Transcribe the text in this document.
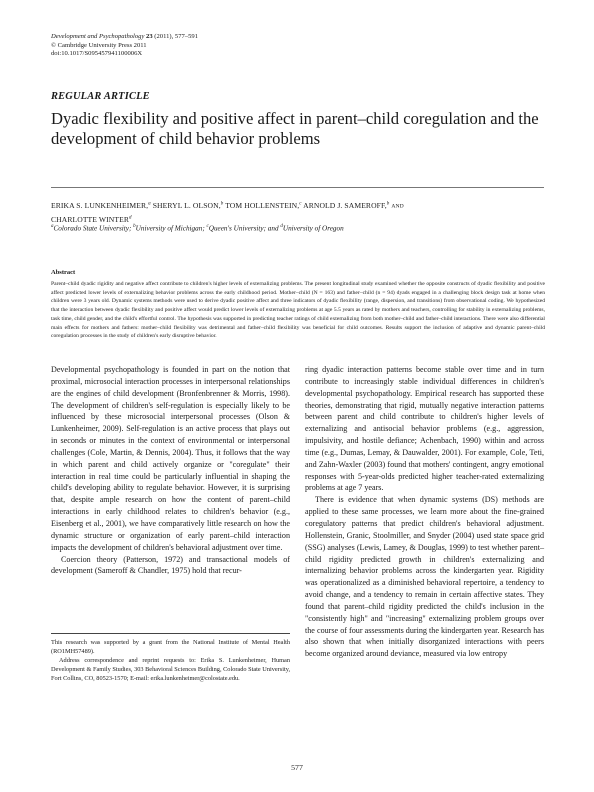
Development and Psychopathology 23 (2011), 577–591
© Cambridge University Press 2011
doi:10.1017/S095457941100006X
REGULAR ARTICLE
Dyadic flexibility and positive affect in parent–child coregulation and the development of child behavior problems
ERIKA S. LUNKENHEIMER,$^a$ SHERYL L. OLSON,$^b$ TOM HOLLENSTEIN,$^c$ ARNOLD J. SAMEROFF,$^b$ AND
CHARLOTTE WINTER$^d$
$^a$Colorado State University; $^b$University of Michigan; $^c$Queen's University; and $^d$University of Oregon
Abstract
Parent–child dyadic rigidity and negative affect contribute to children's higher levels of externalizing problems. The present longitudinal study examined whether the opposite constructs of dyadic flexibility and positive affect predicted lower levels of externalizing behavior problems across the early childhood period. Mother–child (N = 163) and father–child (n = 94) dyads engaged in a challenging block design task at home when children were 3 years old. Dynamic systems methods were used to derive dyadic positive affect and three indicators of dyadic flexibility (range, dispersion, and transitions) from observational coding. We hypothesized that the interaction between dyadic flexibility and positive affect would predict lower levels of externalizing problems at age 5.5 years as rated by mothers and teachers, controlling for stability in externalizing problems, task time, child gender, and the child's effortful control. The hypothesis was supported in predicting teacher ratings of child externalizing from both mother–child and father–child interactions. There were also differential main effects for mothers and fathers: mother–child flexibility was detrimental and father–child flexibility was beneficial for child outcomes. Results support the inclusion of adaptive and dynamic parent–child coregulation processes in the study of children's early disruptive behavior.

Developmental psychopathology is founded in part on the notion that proximal, microsocial interaction processes in interpersonal relationships are the engines of child development (Bronfenbrenner & Morris, 1998). The development of children's self-regulation is especially likely to be influenced by these microsocial interpersonal processes (Olson & Lunkenheimer, 2009). Self-regulation is an active process that plays out in seconds or minutes in the context of environmental or interpersonal challenges (Cole, Martin, & Dennis, 2004). Thus, it follows that the way in which parent and child actively organize or "coregulate" their interaction in real time could be particularly influential in shaping the child's developing ability to regulate behavior. However, it is surprising that, despite ample research on how the content of parent–child interactions in early childhood relates to children's behavior (e.g., Eisenberg et al., 2001), we have comparatively little research on how the dynamic structure or organization of early parent–child interaction impacts the development of children's behavioral adjustment over time.

Coercion theory (Patterson, 1972) and transactional models of development (Sameroff & Chandler, 1975) hold that recur-

ring dyadic interaction patterns become stable over time and in turn contribute to increasingly stable individual differences in children's developmental psychopathology. Empirical research has supported these theories, demonstrating that rigid, mutually negative interaction patterns between parent and child contribute to children's higher levels of externalizing and antisocial behavior problems (e.g., aggression, impulsivity, and hostile defiance; Achenbach, 1990) within and across time (e.g., Dumas, Lemay, & Dauwalder, 2001). For example, Cole, Teti, and Zahn-Waxler (2003) found that mothers' contingent, angry emotional responses with 5-year-olds predicted higher teacher-rated externalizing problems at age 7 years.

There is evidence that when dynamic systems (DS) methods are applied to these same processes, we learn more about the fine-grained coregulatory patterns that predict children's behavioral adjustment. Hollenstein, Granic, Stoolmiller, and Snyder (2004) used state space grid (SSG) analyses (Lewis, Lamey, & Douglas, 1999) to test whether parent–child rigidity predicted growth in children's externalizing and internalizing behavior problems across the kindergarten year. Rigidity was operationalized as a diminished behavioral repertoire, a tendency to avoid change, and a tendency to remain in certain affective states. They found that parent–child rigidity predicted the child's inclusion in the "consistently high" and "increasing" externalizing problem groups over the course of four assessments during the kindergarten year. Research has also shown that when initially disorganized interactions with peers become organized around deviance, measured via low entropy

This research was supported by a grant from the National Institute of Mental Health (RO1MH57489).

Address correspondence and reprint requests to: Erika S. Lunkenheimer, Human Development & Family Studies, 303 Behavioral Sciences Building, Colorado State University, Fort Collins, CO, 80523-1570; E-mail: erika.lunkenheimer@colostate.edu.

577
